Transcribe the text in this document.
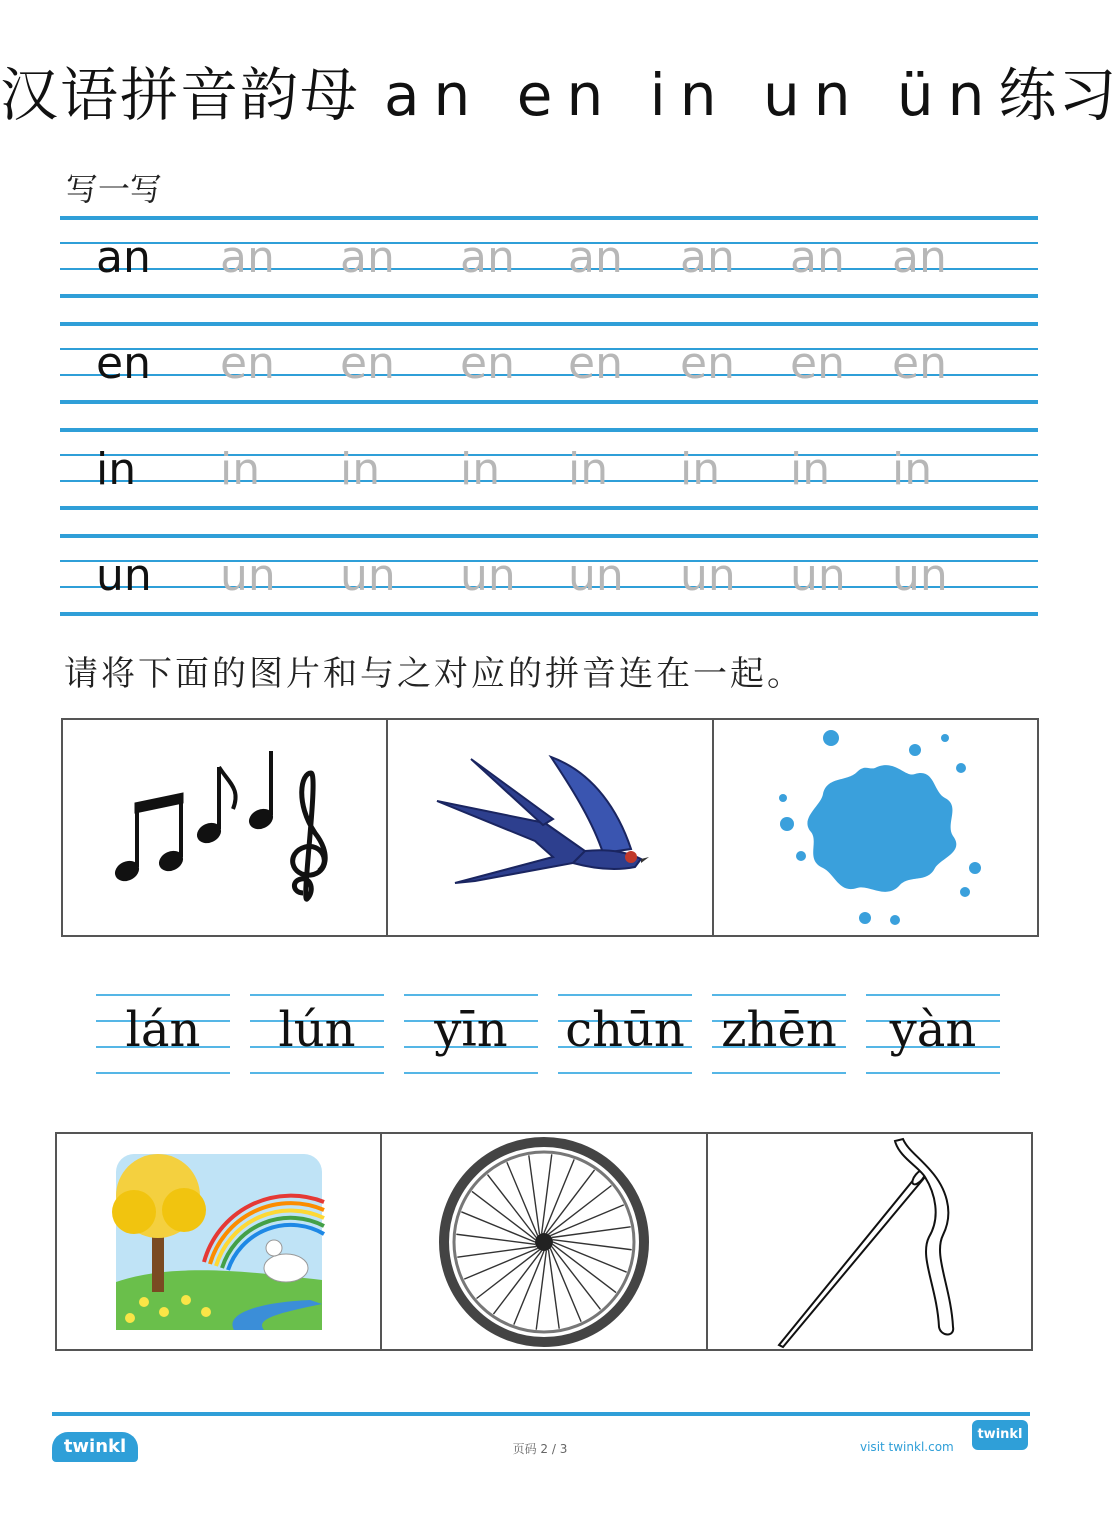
汉语拼音韵母 an en in un ün练习
写一写
an an an an an an an an
en en en en en en en en
in in in in in in in in
un un un un un un un un
请将下面的图片和与之对应的拼音连在一起。
lán	lún	yīn	chūn zhēn	yàn
twinkl	页码 2 / 3	visit twinkl.com
twinkl
